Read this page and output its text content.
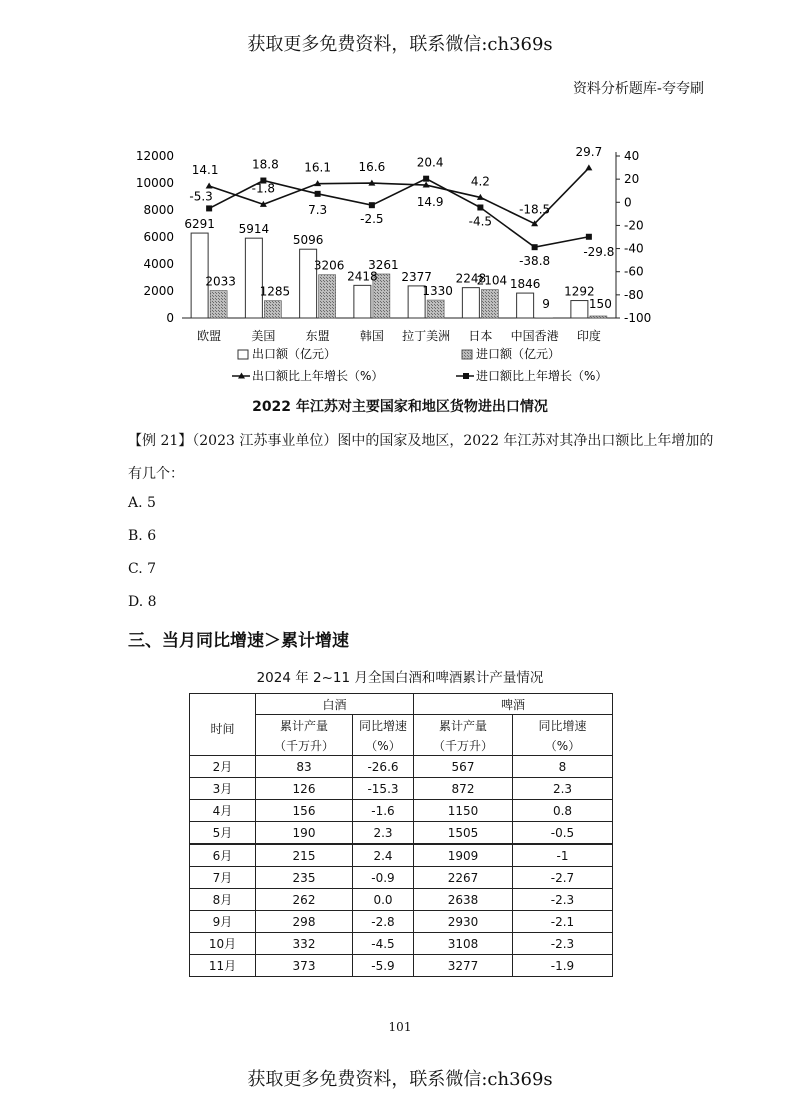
获取更多免费资料，联系微信:ch369s
资料分析题库-夸夸刷
0
2000
4000
6000
8000
10000
12000
-100
-80
-60
-40
-20
0
20
40
欧盟	美国	东盟	韩国 拉丁美洲 日本 中国香港 印度
6291
2033
5914
1285
5096
3206
2418
3261
2377
1330
2248
2104 1846
9
1292
150
14.1
-1.8
16.1 16.6
14.9
4.2
-18.5
29.7
-5.3
18.8
7.3
-2.5
20.4
-4.5
-38.8
-29.8
出口额（亿元）	进口额（亿元）
出口额比上年增长（%）	进口额比上年增长（%）
2022 年江苏对主要国家和地区货物进出口情况
【例 21】（2023 江苏事业单位）图中的国家及地区，2022 年江苏对其净出口额比上年增加的有几个：
A. 5
B. 6
C. 7
D. 8
三、当月同比增速＞累计增速
2024 年 2~11 月全国白酒和啤酒累计产量情况
时间	白酒		啤酒	
	累计产量	同比增速	累计产量	同比增速
	（千万升）	（%）	（千万升）	（%）
2月	83	-26.6	567	8
3月	126	-15.3	872	2.3
4月	156	-1.6	1150	0.8
5月	190	2.3	1505	-0.5
6月	215	2.4	1909	-1
7月	235	-0.9	2267	-2.7
8月	262	0.0	2638	-2.3
9月	298	-2.8	2930	-2.1
10月	332	-4.5	3108	-2.3
11月	373	-5.9	3277	-1.9
101
获取更多免费资料，联系微信:ch369s
